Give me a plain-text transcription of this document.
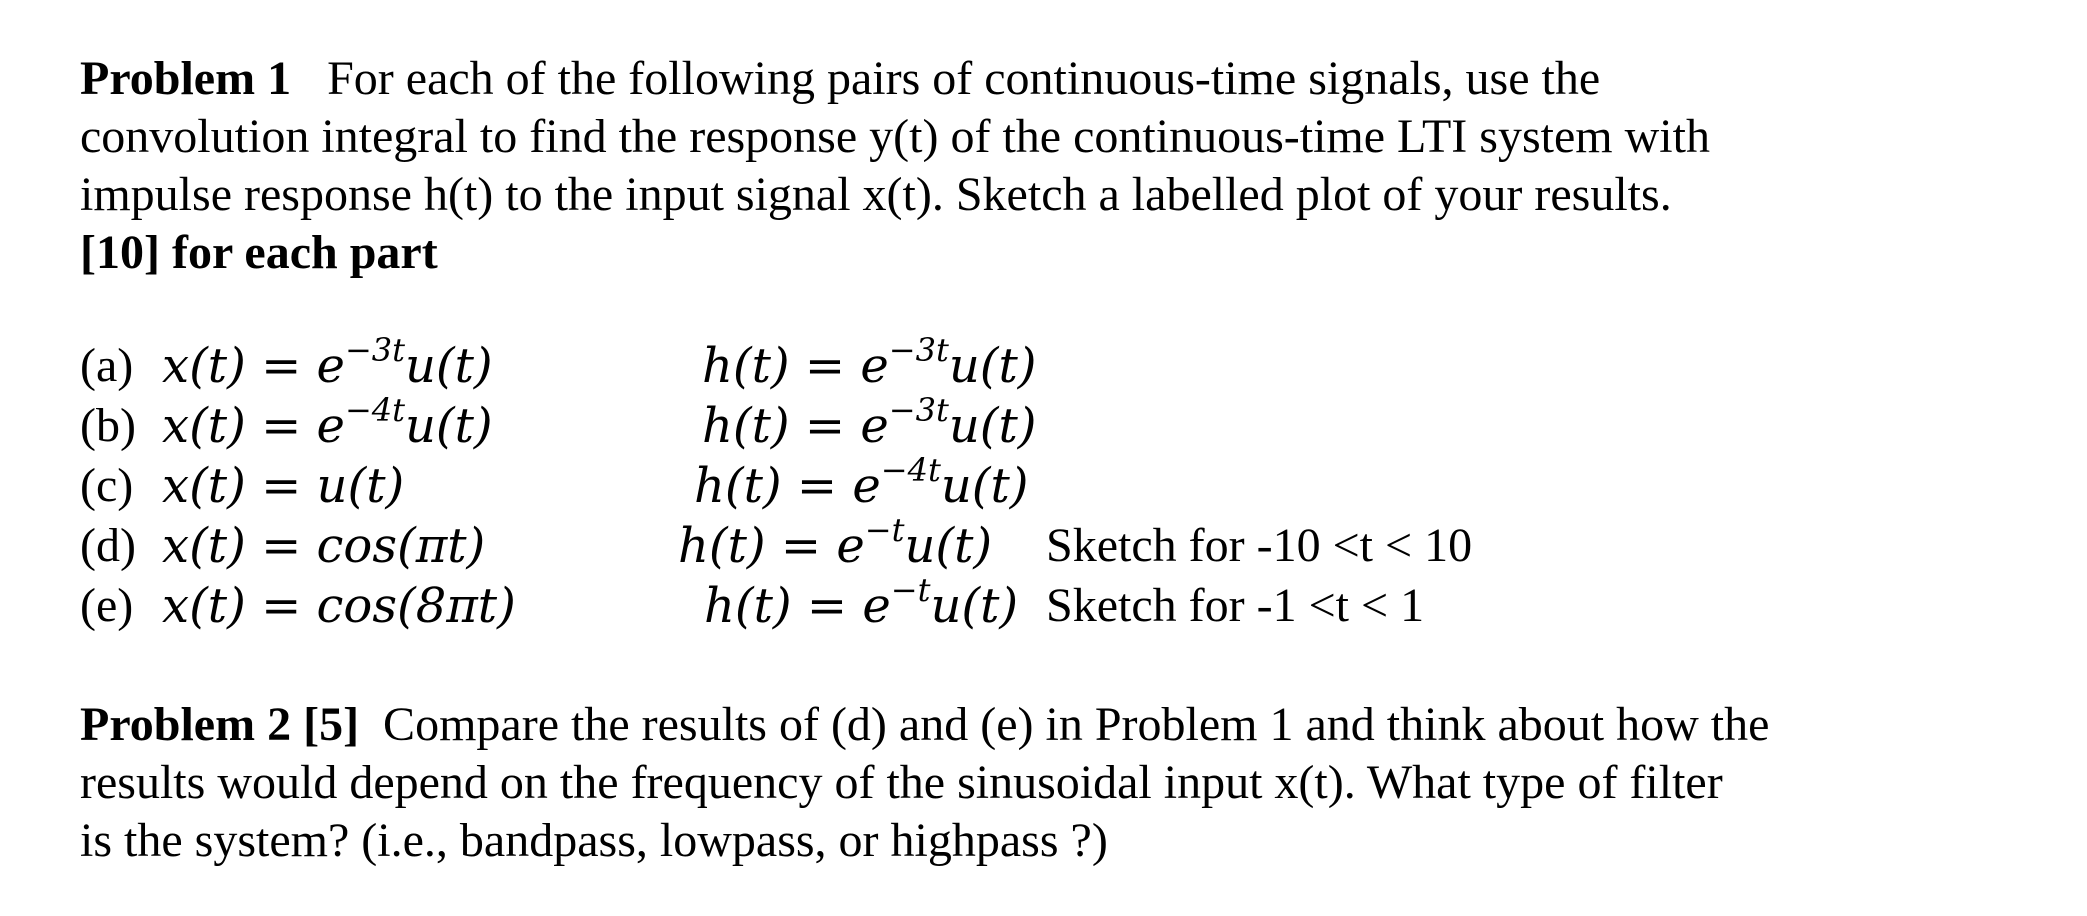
Problem 1 For each of the following pairs of continuous-time signals, use the
convolution integral to find the response y(t) of the continuous-time LTI system with
impulse response h(t) to the input signal x(t). Sketch a labelled plot of your results.
[10] for each part
(a) $x(t) = e^{-3t}u(t)$	$h(t) = e^{-3t}u(t)$
(b) $x(t) = e^{-4t}u(t)$	$h(t) = e^{-3t}u(t)$
(c) x(t) = u(t)	$h(t) = e^{-4t}u(t)$
(d) x(t) = cos(πt)	$h(t) = e^{-t}u(t)$ Sketch for -10 <t < 10
(e) x(t) = cos(8πt)	$h(t) = e^{-t}u(t)$ Sketch for -1 <t < 1
Problem 2 [5] Compare the results of (d) and (e) in Problem 1 and think about how the
results would depend on the frequency of the sinusoidal input x(t). What type of filter
is the system? (i.e., bandpass, lowpass, or highpass ?)
